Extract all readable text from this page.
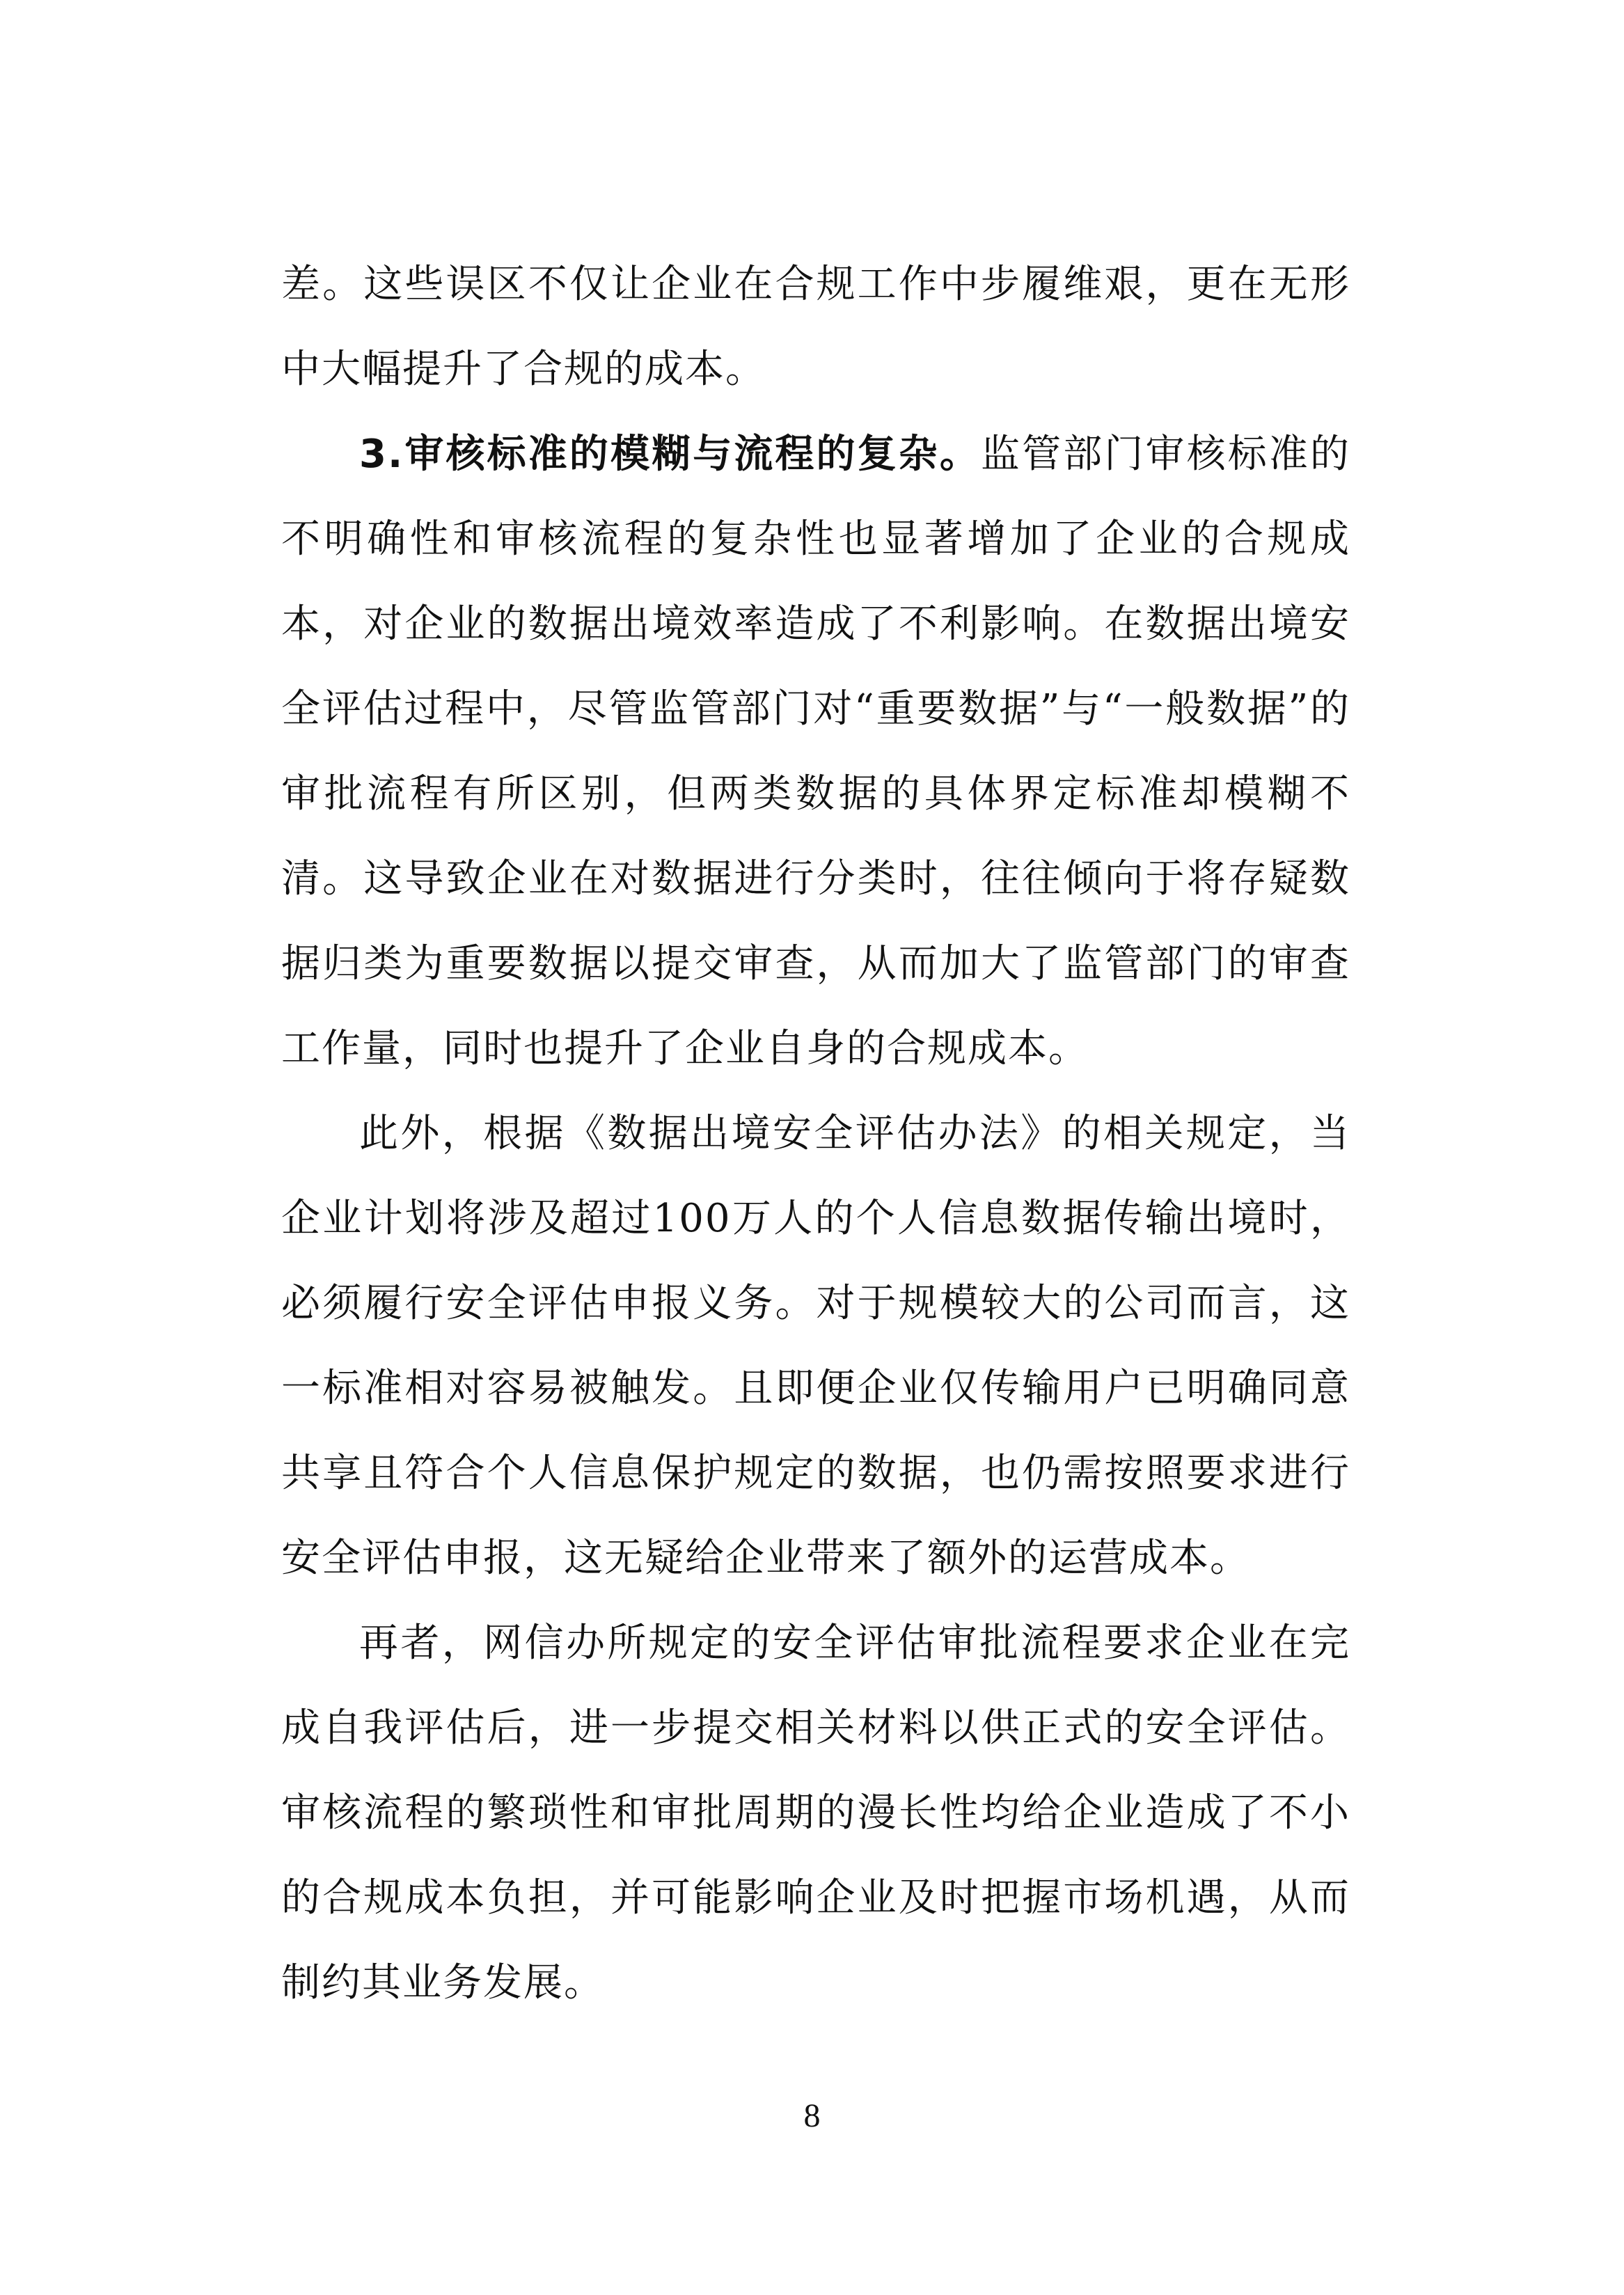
差。这些误区不仅让企业在合规工作中步履维艰，更在无形中大幅提升了合规的成本。

3.审核标准的模糊与流程的复杂。监管部门审核标准的不明确性和审核流程的复杂性也显著增加了企业的合规成本，对企业的数据出境效率造成了不利影响。在数据出境安全评估过程中，尽管监管部门对“重要数据”与“一般数据”的审批流程有所区别，但两类数据的具体界定标准却模糊不清。这导致企业在对数据进行分类时，往往倾向于将存疑数据归类为重要数据以提交审查，从而加大了监管部门的审查工作量，同时也提升了企业自身的合规成本。

此外，根据《数据出境安全评估办法》的相关规定，当企业计划将涉及超过100万人的个人信息数据传输出境时，必须履行安全评估申报义务。对于规模较大的公司而言，这一标准相对容易被触发。且即便企业仅传输用户已明确同意共享且符合个人信息保护规定的数据，也仍需按照要求进行安全评估申报，这无疑给企业带来了额外的运营成本。

再者，网信办所规定的安全评估审批流程要求企业在完成自我评估后，进一步提交相关材料以供正式的安全评估。审核流程的繁琐性和审批周期的漫长性均给企业造成了不小的合规成本负担，并可能影响企业及时把握市场机遇，从而制约其业务发展。

8
